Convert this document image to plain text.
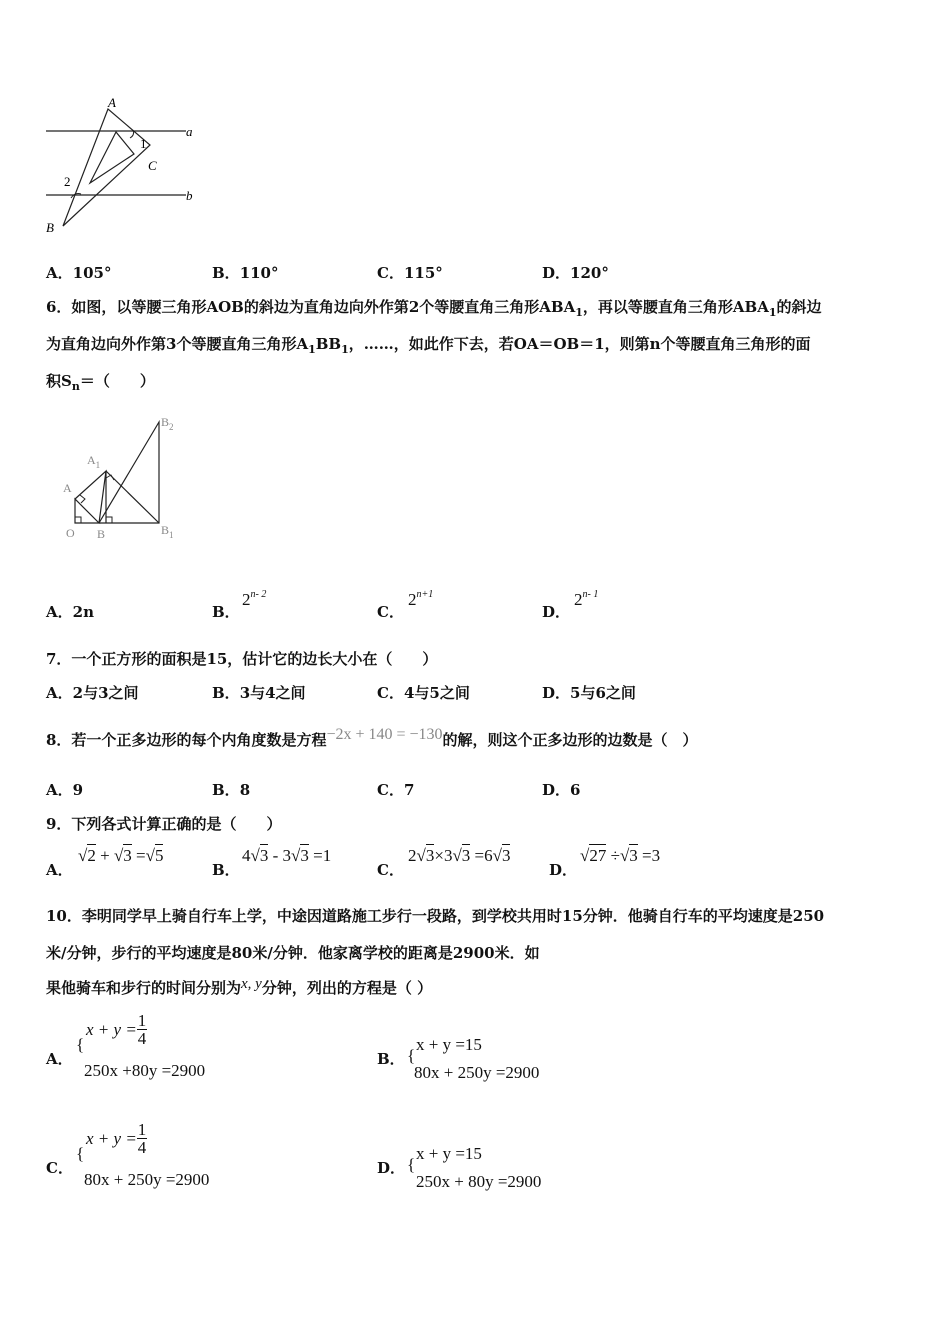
A
B
C
a
b
1
2
A．105°	B．110°	C．115°	D．120°
6．如图，以等腰三角形AOB的斜边为直角边向外作第2个等腰直角三角形$ABA_1$，再以等腰直角三角形$ABA_1$的斜边
为直角边向外作第3个等腰直角三角形$A_1BB_1$，……，如此作下去，若OA＝OB＝1，则第n个等腰直角三角形的面
积$S_n=$（　　）
$B_2$
$A_1$
A
O B	$B_1$
A．2n	B．
2$^{n- 2}$
C．
$2^{n+1}$
D．
2$^{n- 1}$
7．一个正方形的面积是15，估计它的边长大小在（　　）
A．2与3之间	B．3与4之间	C．4与5之间	D．5与6之间
8．若一个正多边形的每个内角度数是方程−2x + 140 = −130的解，则这个正多边形的边数是（　）
A．9	B．8	C．7	D．6
9．下列各式计算正确的是（　　）
A．
√2 + √3 =√5
B．
4√3 - 3√3 =1
C．
2√3×3√3 =6√3
D．
√27 ÷√3 =3
10．李明同学早上骑自行车上学，中途因道路施工步行一段路，到学校共用时15分钟．他骑自行车的平均速度是250
米/分钟，步行的平均速度是80米/分钟．他家离学校的距离是2900米．如
果他骑车和步行的时间分别为x, y分钟，列出的方程是（ ）
A．
{
$x + y = \frac{1}{4}$
250x +80y =2900
B． {
x + y =15
80x + 250y =2900
C．
{
$x + y = \frac{1}{4}$
80x + 250y =2900
D． {
x + y =15
250x + 80y =2900
